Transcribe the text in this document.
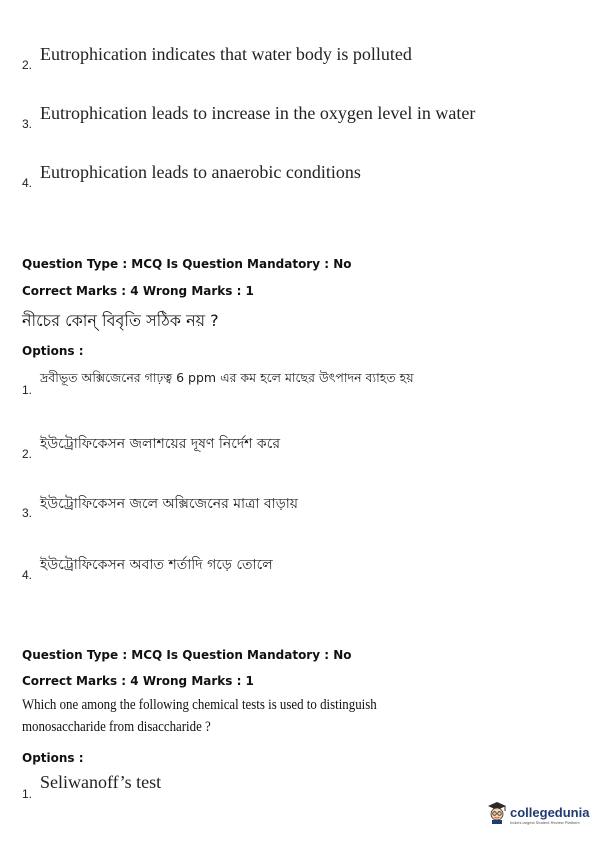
2.
Eutrophication indicates that water body is polluted
3.
Eutrophication leads to increase in the oxygen level in water
4.
Eutrophication leads to anaerobic conditions
Question Type : MCQ Is Question Mandatory : No
Correct Marks : 4 Wrong Marks : 1
নীচের কোন্ বিবৃতি সঠিক নয় ?
Options :
1.
দ্রবীভূত অক্সিজেনের গাঢ়ত্ব 6 ppm এর কম হলে মাছের উৎপাদন ব্যাহত হয়
2.
ইউট্রোফিকেসন জলাশয়ের দূষণ নির্দেশ করে
3.
ইউট্রোফিকেসন জলে অক্সিজেনের মাত্রা বাড়ায়
4.
ইউট্রোফিকেসন অবাত শর্তাদি গড়ে তোলে
Question Type : MCQ Is Question Mandatory : No
Correct Marks : 4 Wrong Marks : 1
Which one among the following chemical tests is used to distinguish monosaccharide from disaccharide ?
Options :
1.
Seliwanoff’s test
collegedunia
India's largest Student Review Platform
